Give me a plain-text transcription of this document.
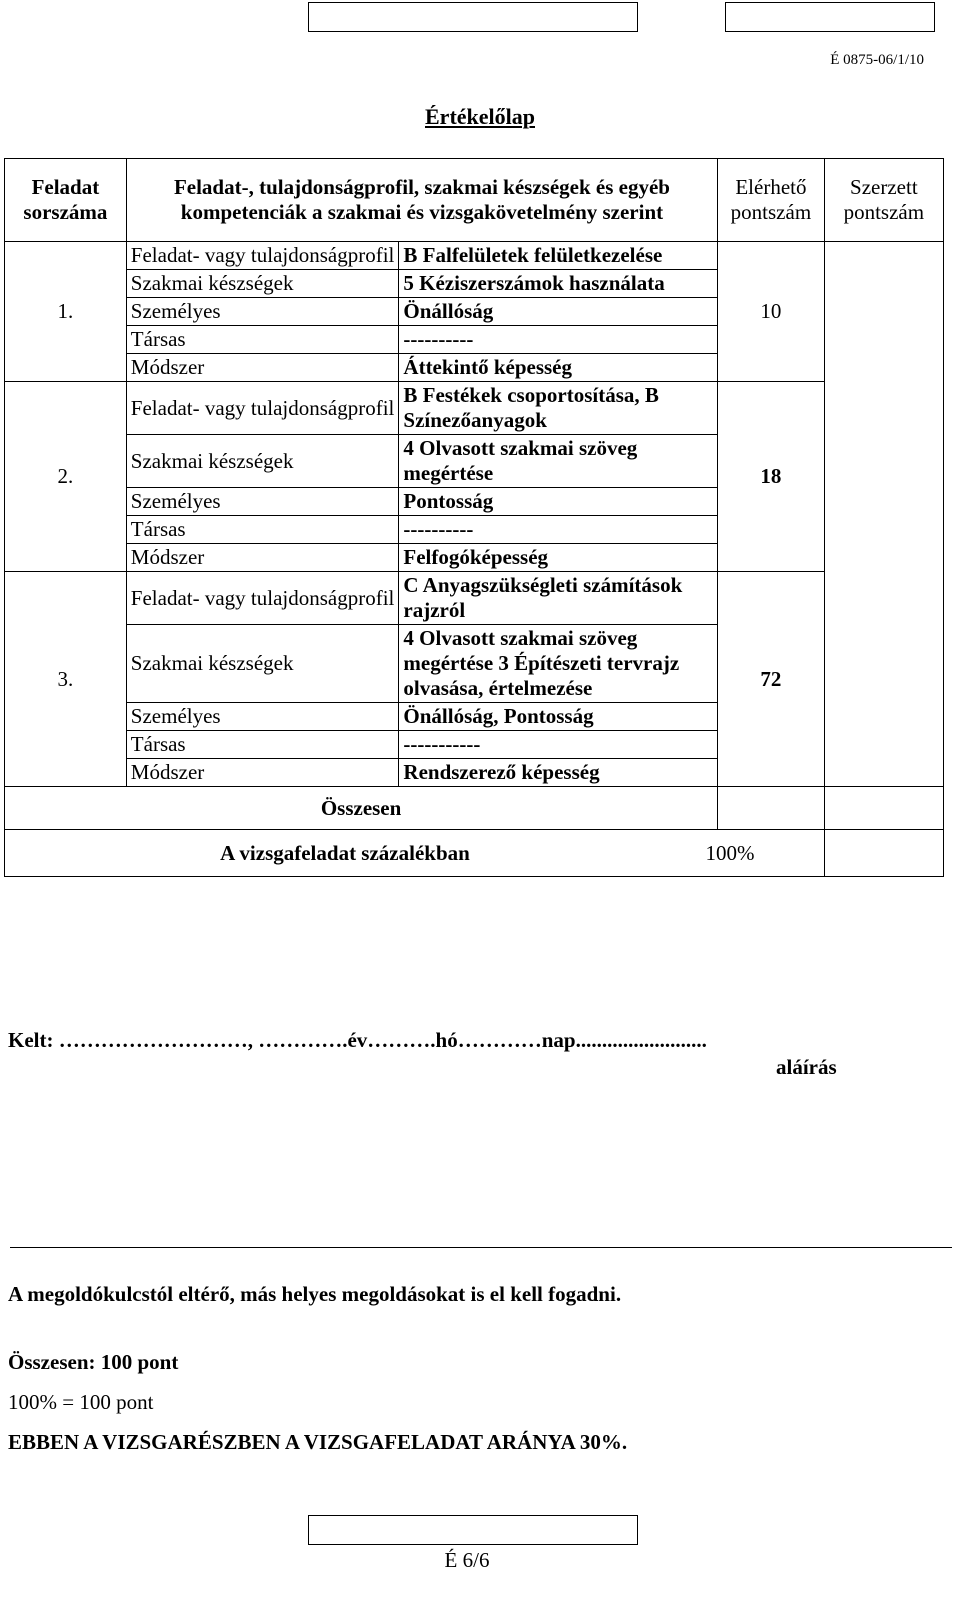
É 0875-06/1/10
Értékelőlap
Feladat sorszáma	Feladat-, tulajdonságprofil, szakmai készségek és egyéb kompetenciák a szakmai és vizsgakövetelmény szerint		Elérhető pontszám	Szerzett pontszám
1.	Feladat- vagy tulajdonságprofil	B Falfelületek felületkezelése	10	
	Szakmai készségek	5 Kéziszerszámok használata		
	Személyes	Önállóság		
	Társas	----------		
	Módszer	Áttekintő képesség		
2.	Feladat- vagy tulajdonságprofil	B Festékek csoportosítása, B Színezőanyagok	18	
	Szakmai készségek	4 Olvasott szakmai szöveg megértése		
	Személyes	Pontosság		
	Társas	----------		
	Módszer	Felfogóképesség		
3.	Feladat- vagy tulajdonságprofil	C Anyagszükségleti számítások rajzról	72	
	Szakmai készségek	4 Olvasott szakmai szöveg megértése 3 Építészeti tervrajz olvasása, értelmezése		
	Személyes	Önállóság, Pontosság		
	Társas	-----------		
	Módszer	Rendszerező képesség		
Összesen				
A vizsgafeladat százalékban 100%				
Kelt: ………………………, ………….év……….hó…………nap.........................
aláírás
A megoldókulcstól eltérő, más helyes megoldásokat is el kell fogadni.
Összesen: 100 pont
100% = 100 pont
EBBEN A VIZSGARÉSZBEN A VIZSGAFELADAT ARÁNYA 30%.
É 6/6
